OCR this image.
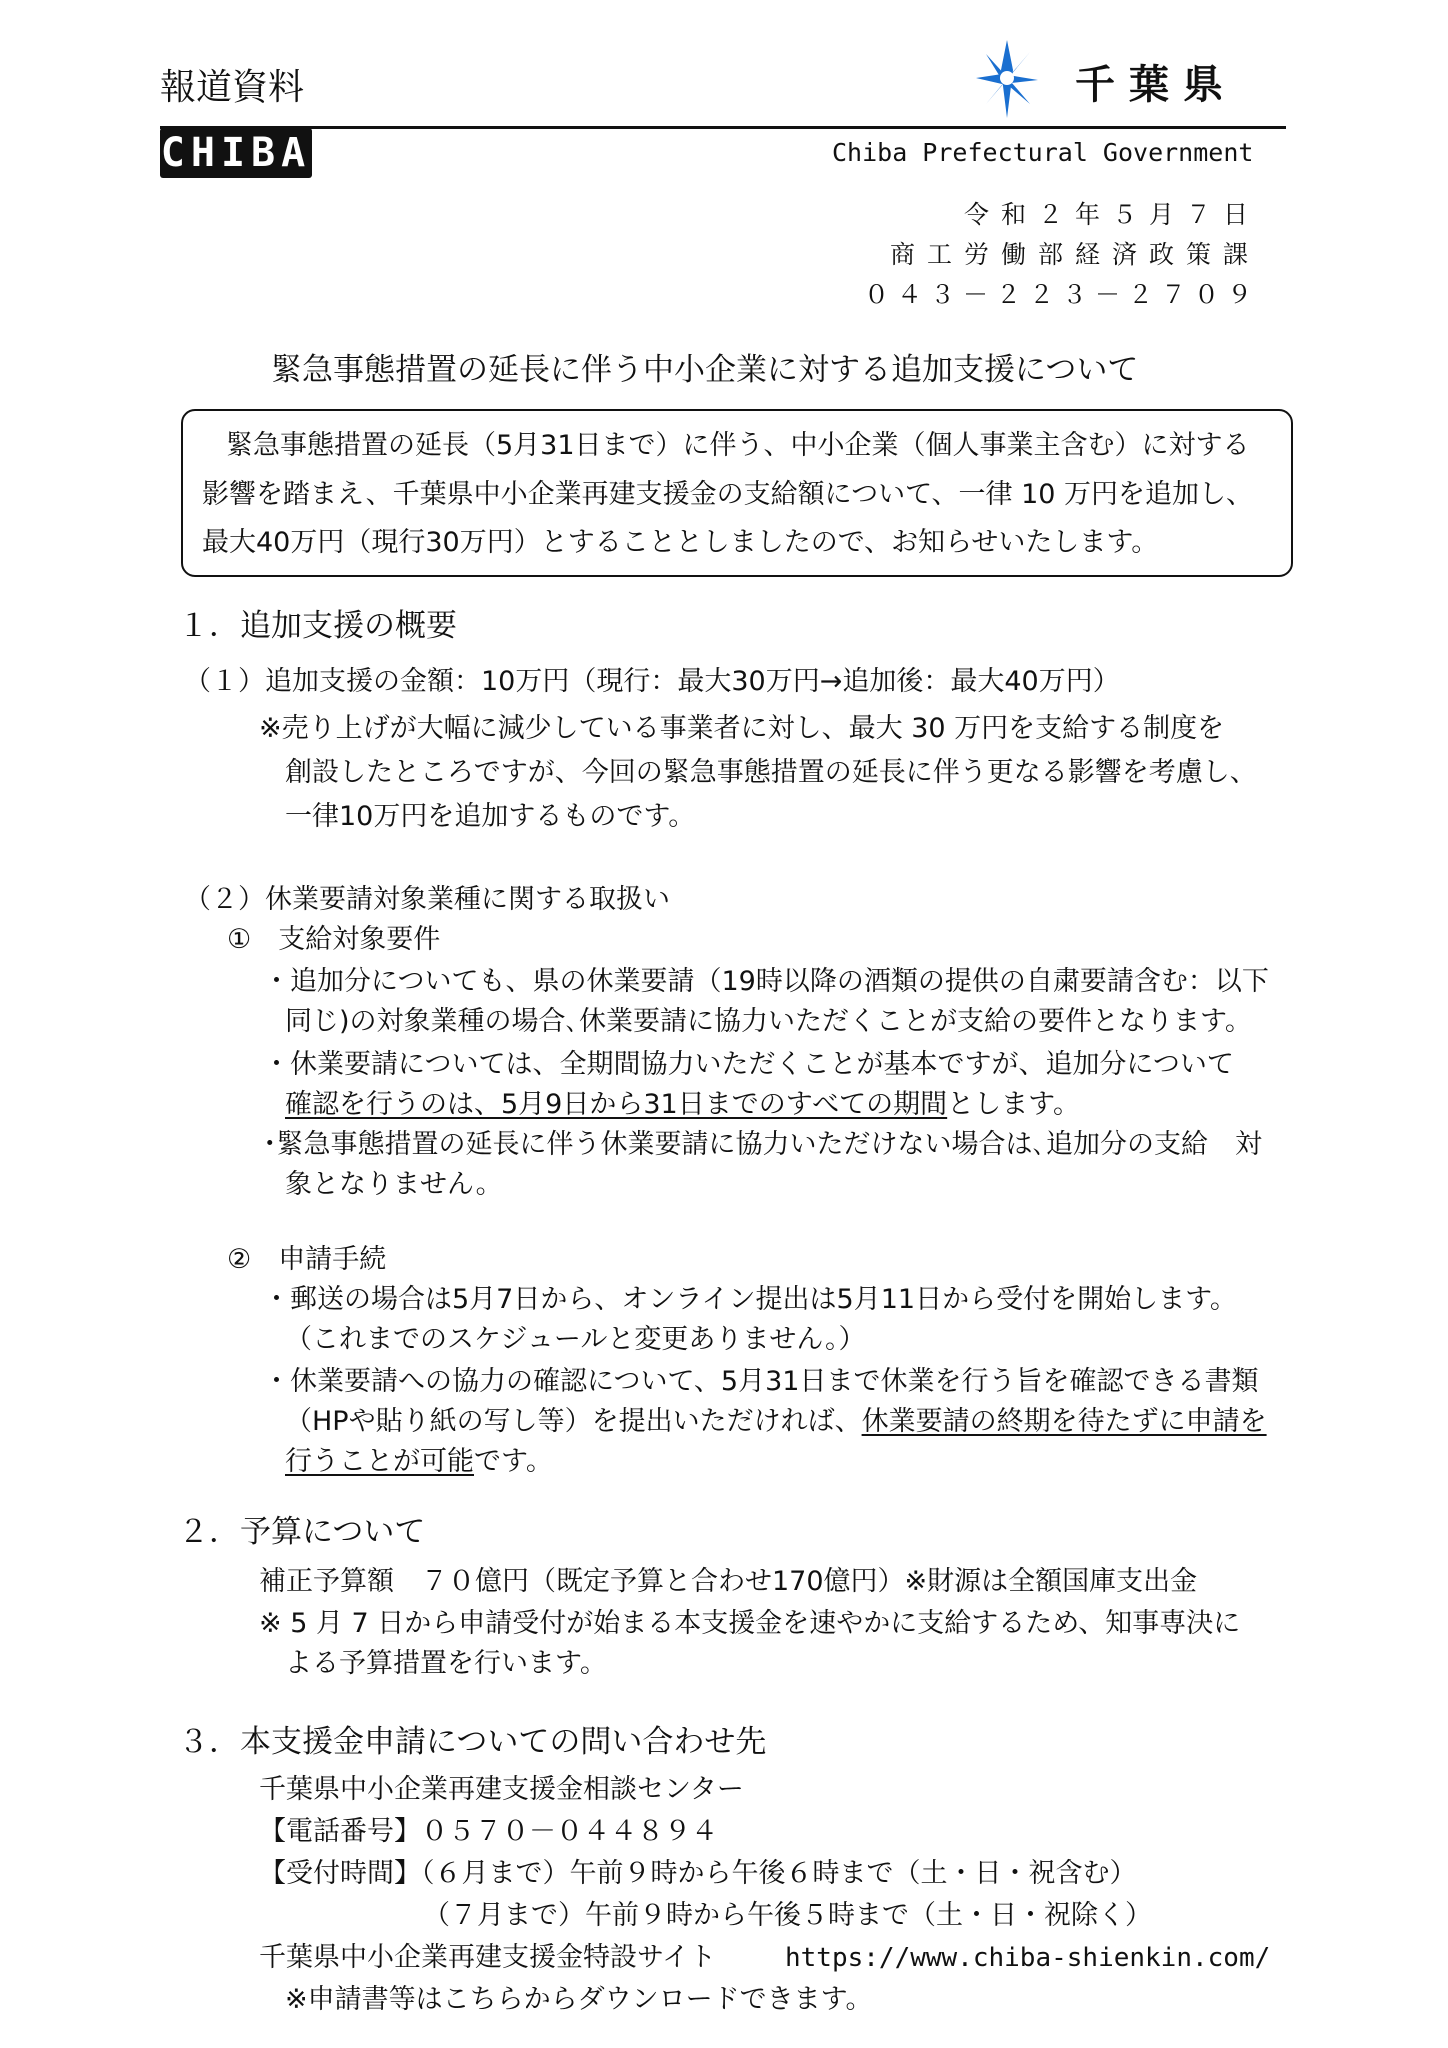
報道資料
CHIBA
千葉県
Chiba Prefectural Government
令和２年５月７日
商工労働部経済政策課
０４３－２２３－２７０９
緊急事態措置の延長に伴う中小企業に対する追加支援について
緊急事態措置の延長（5月31日まで）に伴う、中小企業（個人事業主含む）に対する
影響を踏まえ、千葉県中小企業再建支援金の支給額について、一律 10 万円を追加し、
最大40万円（現行30万円）とすることとしましたので、お知らせいたします。
１．追加支援の概要
（１）追加支援の金額：10万円（現行：最大30万円→追加後：最大40万円）
※売り上げが大幅に減少している事業者に対し、最大 30 万円を支給する制度を
創設したところですが、今回の緊急事態措置の延長に伴う更なる影響を考慮し、
一律10万円を追加するものです。
（２）休業要請対象業種に関する取扱い
①　支給対象要件
・追加分についても、県の休業要請（19時以降の酒類の提供の自粛要請含む：以下
同じ)の対象業種の場合､休業要請に協力いただくことが支給の要件となります。
・休業要請については、全期間協力いただくことが基本ですが、追加分について
確認を行うのは、5月9日から31日までのすべての期間とします。
･緊急事態措置の延長に伴う休業要請に協力いただけない場合は､追加分の支給　対
象となりません。
②　申請手続
・郵送の場合は5月7日から、オンライン提出は5月11日から受付を開始します。
（これまでのスケジュールと変更ありません。）
・休業要請への協力の確認について、5月31日まで休業を行う旨を確認できる書類
（HPや貼り紙の写し等）を提出いただければ、休業要請の終期を待たずに申請を
行うことが可能です。
２．予算について
補正予算額　７０億円（既定予算と合わせ170億円）※財源は全額国庫支出金
※ 5 月 7 日から申請受付が始まる本支援金を速やかに支給するため、知事専決に
よる予算措置を行います。
３．本支援金申請についての問い合わせ先
千葉県中小企業再建支援金相談センター
【電話番号】０５７０－０４４８９４
【受付時間】（６月まで）午前９時から午後６時まで（土・日・祝含む）
（７月まで）午前９時から午後５時まで（土・日・祝除く）
千葉県中小企業再建支援金特設サイト	https://www.chiba-shienkin.com/
※申請書等はこちらからダウンロードできます。
